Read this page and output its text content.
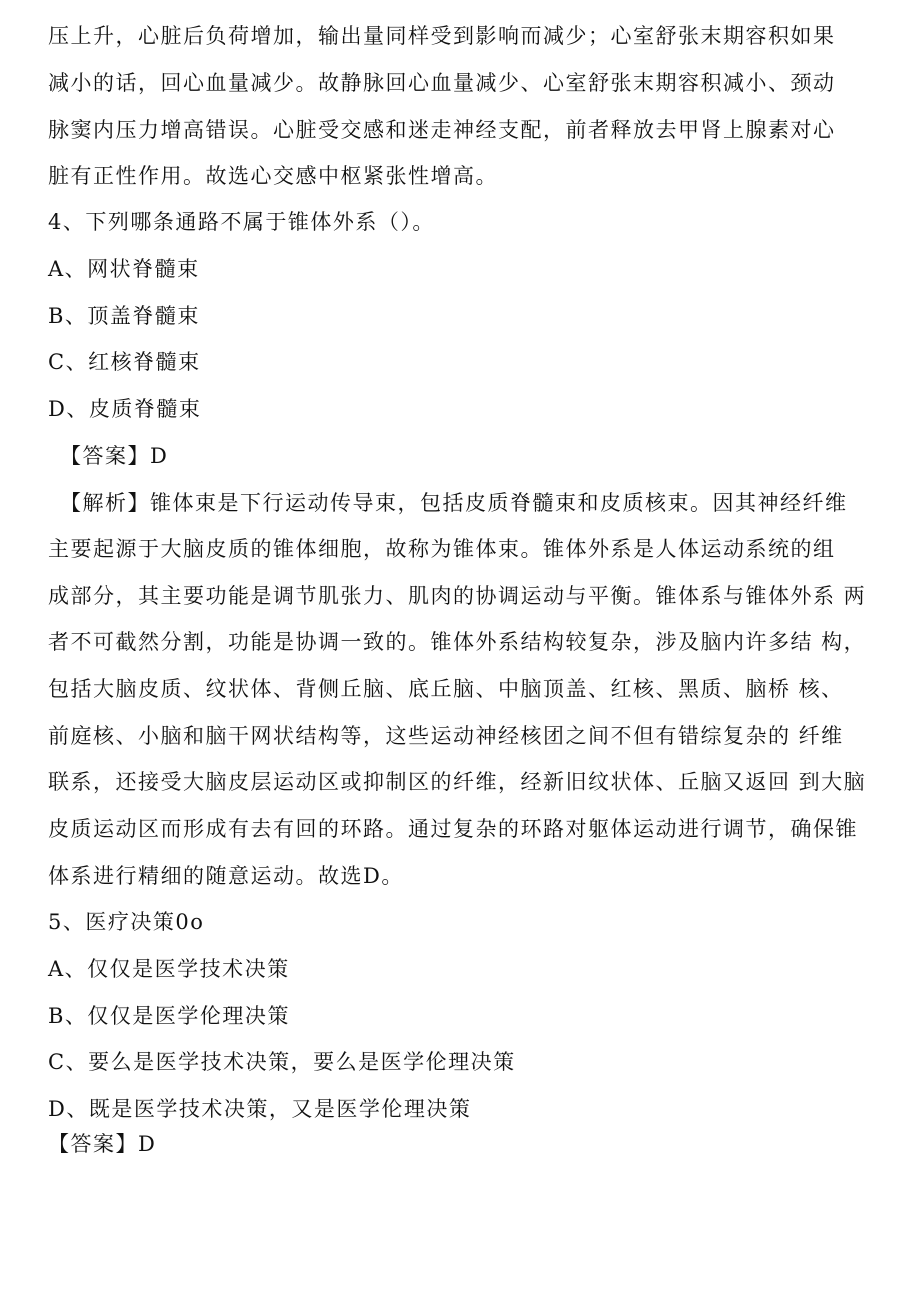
压上升，心脏后负荷增加，输出量同样受到影响而减少；心室舒张末期容积如果
减小的话，回心血量减少。故静脉回心血量减少、心室舒张末期容积减小、颈动
脉窦内压力增高错误。心脏受交感和迷走神经支配，前者释放去甲肾上腺素对心
脏有正性作用。故选心交感中枢紧张性增高。
4、下列哪条通路不属于锥体外系（）。
A、网状脊髓束
B、顶盖脊髓束
C、红核脊髓束
D、皮质脊髓束
【答案】D
【解析】锥体束是下行运动传导束，包括皮质脊髓束和皮质核束。因其神经纤维
主要起源于大脑皮质的锥体细胞，故称为锥体束。锥体外系是人体运动系统的组
成部分，其主要功能是调节肌张力、肌肉的协调运动与平衡。锥体系与锥体外系 两
者不可截然分割，功能是协调一致的。锥体外系结构较复杂，涉及脑内许多结 构，
包括大脑皮质、纹状体、背侧丘脑、底丘脑、中脑顶盖、红核、黑质、脑桥 核、
前庭核、小脑和脑干网状结构等，这些运动神经核团之间不但有错综复杂的 纤维
联系，还接受大脑皮层运动区或抑制区的纤维，经新旧纹状体、丘脑又返回 到大脑
皮质运动区而形成有去有回的环路。通过复杂的环路对躯体运动进行调节，确保锥
体系进行精细的随意运动。故选D。
5、医疗决策0o
A、仅仅是医学技术决策
B、仅仅是医学伦理决策
C、要么是医学技术决策，要么是医学伦理决策
D、既是医学技术决策，又是医学伦理决策
【答案】D
